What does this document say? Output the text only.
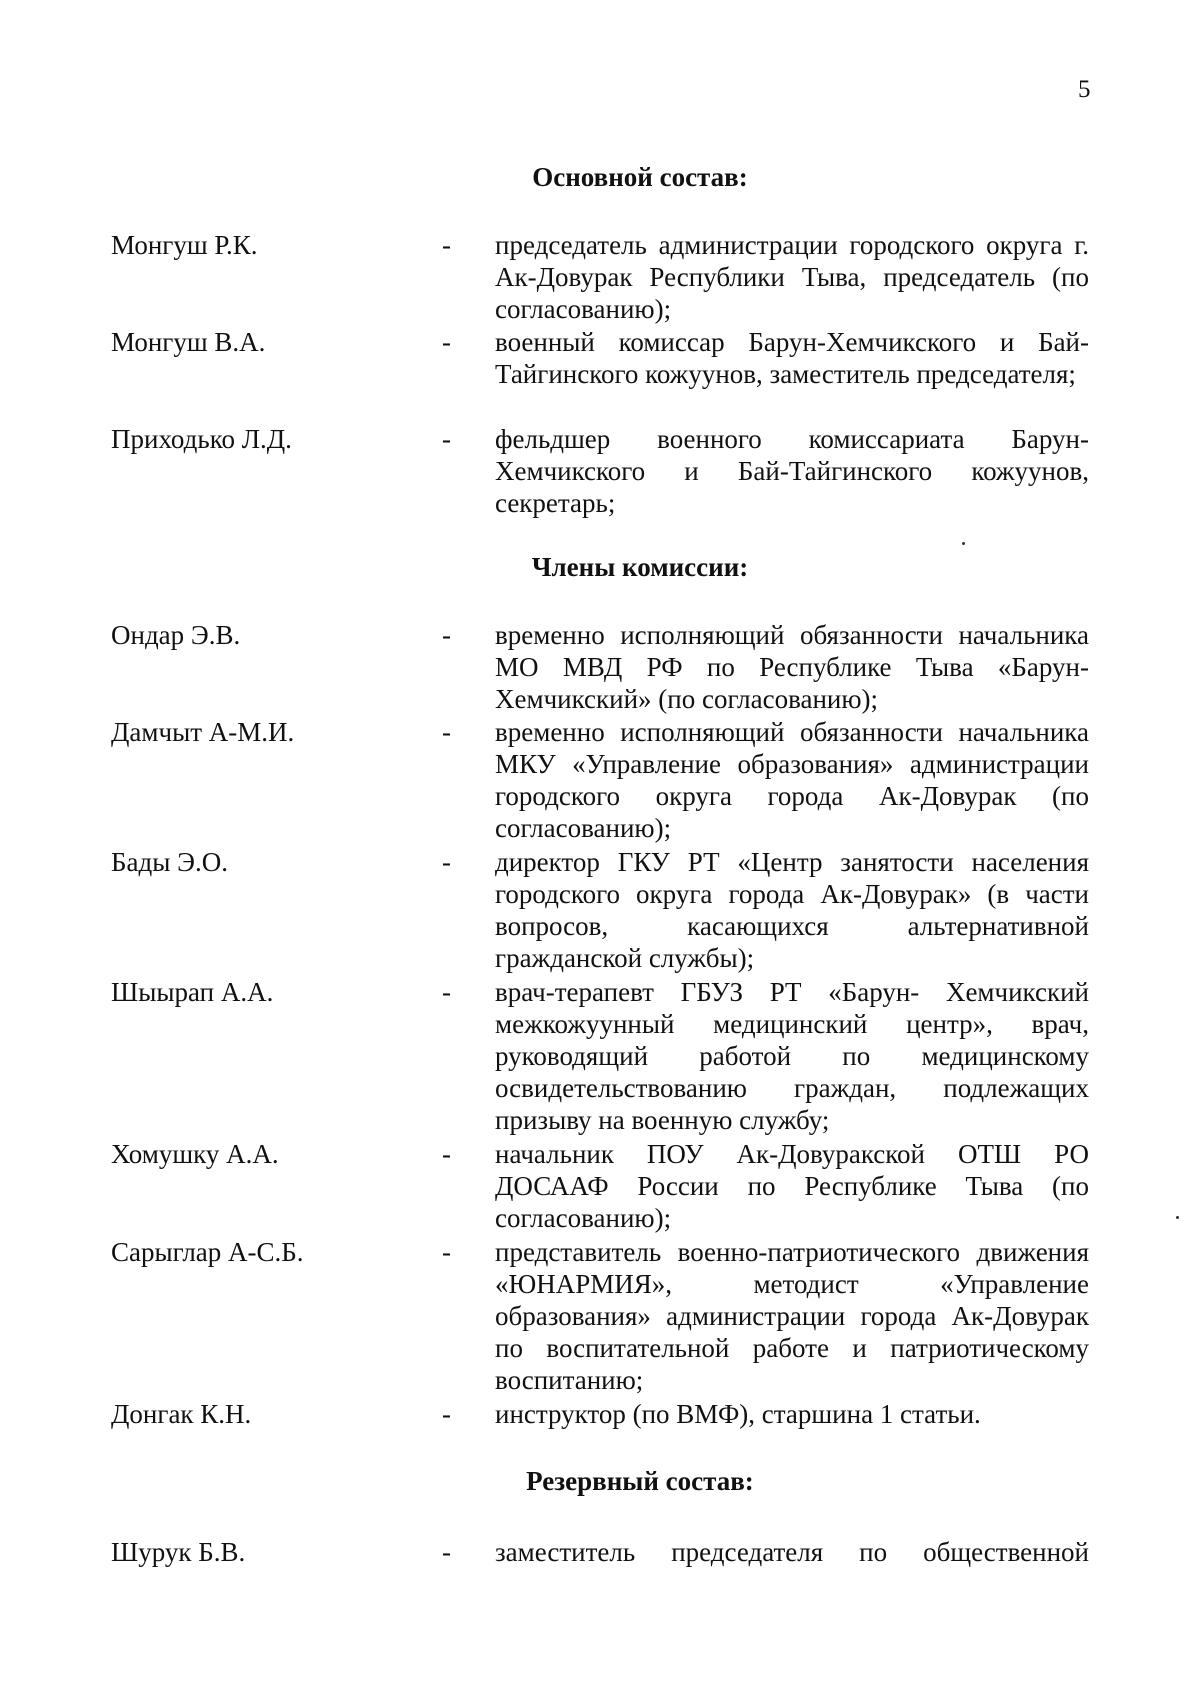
5
Основной состав:
Монгуш Р.К.	- председатель администрации городского округа г. Ак-Довурак Республики Тыва, председатель (по согласованию);
Монгуш В.А.	- военный комиссар Барун-Хемчикского и Бай-Тайгинского кожуунов, заместитель председателя;
Приходько Л.Д.	- фельдшер военного комиссариата Барун-Хемчикского и Бай-Тайгинского кожуунов, секретарь;
Члены комиссии:
Ондар Э.В.	- временно исполняющий обязанности начальника МО МВД РФ по Республике Тыва «Барун-Хемчикский» (по согласованию);
Дамчыт А-М.И.	- временно исполняющий обязанности начальника МКУ «Управление образования» администрации городского округа города Ак-Довурак (по согласованию);
Бады Э.О.	- директор ГКУ РТ «Центр занятости населения городского округа города Ак-Довурак» (в части вопросов, касающихся альтернативной гражданской службы);
Шыырап А.А.	- врач-терапевт ГБУЗ РТ «Барун- Хемчикский межкожуунный медицинский центр», врач, руководящий работой по медицинскому освидетельствованию граждан, подлежащих призыву на военную службу;
Хомушку А.А.	- начальник ПОУ Ак-Довуракской ОТШ РО ДОСААФ России по Республике Тыва (по согласованию);
Сарыглар А-С.Б.	- представитель военно-патриотического движения «ЮНАРМИЯ», методист «Управление образования» администрации города Ак-Довурак по воспитательной работе и патриотическому воспитанию;
Донгак К.Н.	- инструктор (по ВМФ), старшина 1 статьи.
Резервный состав:
Шурук Б.В.	- заместитель председателя по общественной
